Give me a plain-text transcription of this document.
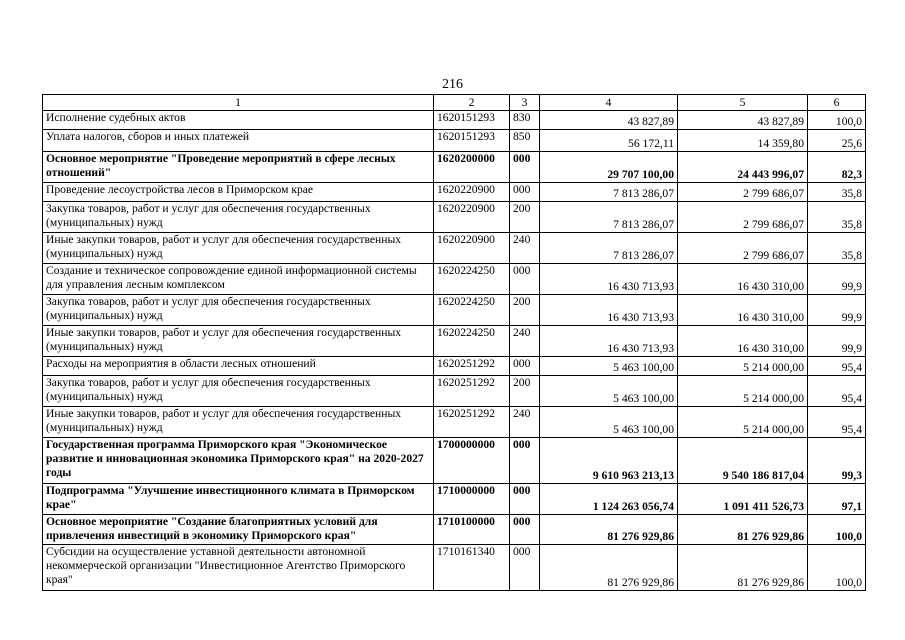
216
1	2	3	4	5	6
Исполнение судебных актов	1620151293	830	43 827,89	43 827,89	100,0
Уплата налогов, сборов и иных платежей	1620151293	850	56 172,11	14 359,80	25,6
Основное мероприятие "Проведение мероприятий в сфере лесных отношений"	1620200000	000	29 707 100,00	24 443 996,07	82,3
Проведение лесоустройства лесов в Приморском крае	1620220900	000	7 813 286,07	2 799 686,07	35,8
Закупка товаров, работ и услуг для обеспечения государственных (муниципальных) нужд	1620220900	200	7 813 286,07	2 799 686,07	35,8
Иные закупки товаров, работ и услуг для обеспечения государственных (муниципальных) нужд	1620220900	240	7 813 286,07	2 799 686,07	35,8
Создание и техническое сопровождение единой информационной системы для управления лесным комплексом	1620224250	000	16 430 713,93	16 430 310,00	99,9
Закупка товаров, работ и услуг для обеспечения государственных (муниципальных) нужд	1620224250	200	16 430 713,93	16 430 310,00	99,9
Иные закупки товаров, работ и услуг для обеспечения государственных (муниципальных) нужд	1620224250	240	16 430 713,93	16 430 310,00	99,9
Расходы на мероприятия в области лесных отношений	1620251292	000	5 463 100,00	5 214 000,00	95,4
Закупка товаров, работ и услуг для обеспечения государственных (муниципальных) нужд	1620251292	200	5 463 100,00	5 214 000,00	95,4
Иные закупки товаров, работ и услуг для обеспечения государственных (муниципальных) нужд	1620251292	240	5 463 100,00	5 214 000,00	95,4
Государственная программа Приморского края "Экономическое развитие и инновационная экономика Приморского края" на 2020-2027 годы	1700000000	000	9 610 963 213,13	9 540 186 817,04	99,3
Подпрограмма "Улучшение инвестиционного климата в Приморском крае"	1710000000	000	1 124 263 056,74	1 091 411 526,73	97,1
Основное мероприятие "Создание благоприятных условий для привлечения инвестиций в экономику Приморского края"	1710100000	000	81 276 929,86	81 276 929,86	100,0
Субсидии на осуществление уставной деятельности автономной некоммерческой организации "Инвестиционное Агентство Приморского края"	1710161340	000	81 276 929,86	81 276 929,86	100,0
